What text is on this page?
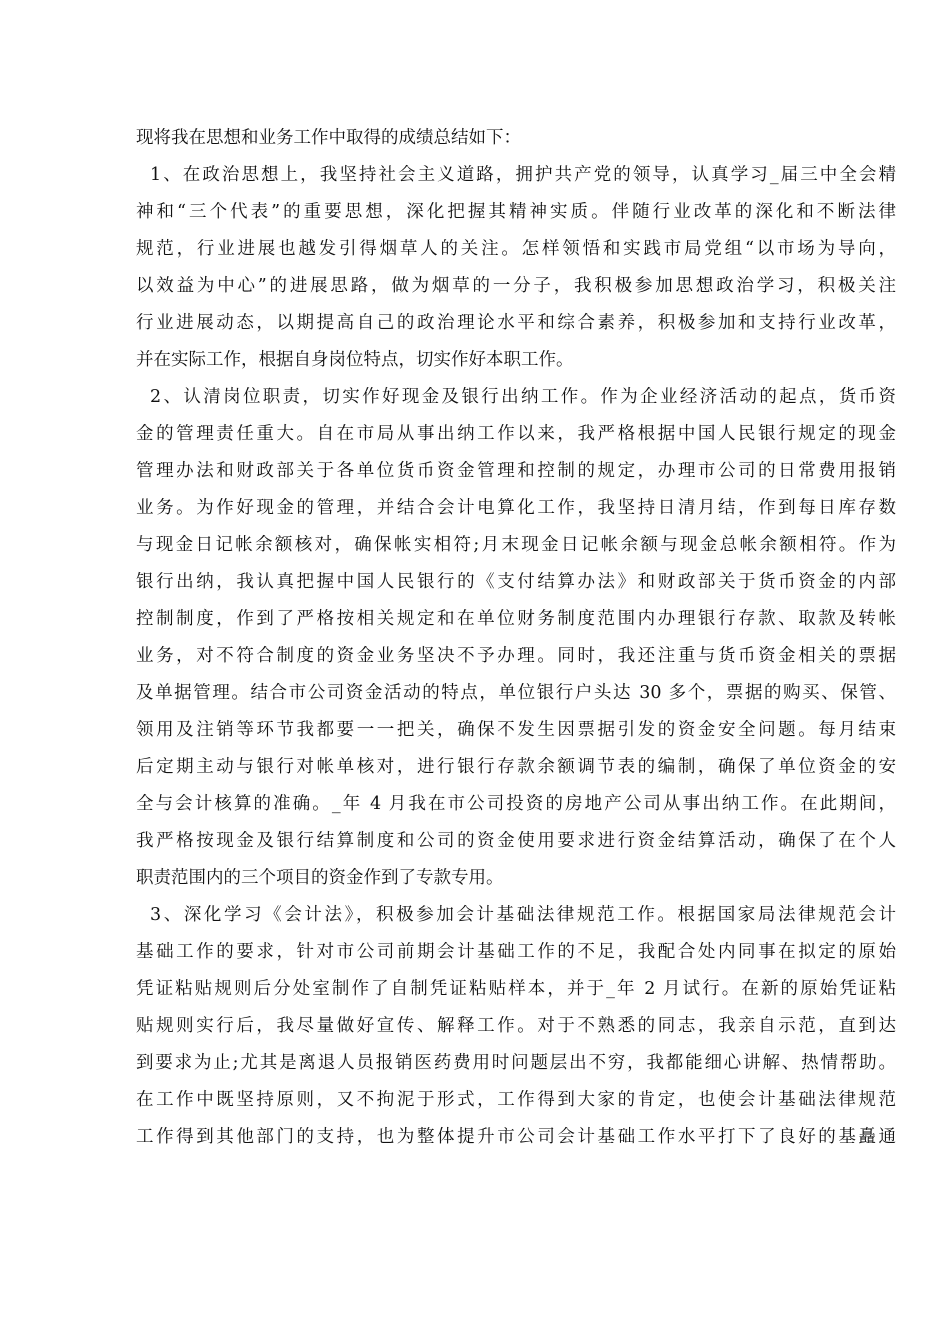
现将我在思想和业务工作中取得的成绩总结如下：
1、在政治思想上，我坚持社会主义道路，拥护共产党的领导，认真学习_届三中全会精
神和“三个代表”的重要思想，深化把握其精神实质。伴随行业改革的深化和不断法律
规范，行业进展也越发引得烟草人的关注。怎样领悟和实践市局党组“以市场为导向，
以效益为中心”的进展思路，做为烟草的一分子，我积极参加思想政治学习，积极关注
行业进展动态，以期提高自己的政治理论水平和综合素养，积极参加和支持行业改革，
并在实际工作，根据自身岗位特点，切实作好本职工作。
2、认清岗位职责，切实作好现金及银行出纳工作。作为企业经济活动的起点，货币资
金的管理责任重大。自在市局从事出纳工作以来，我严格根据中国人民银行规定的现金
管理办法和财政部关于各单位货币资金管理和控制的规定，办理市公司的日常费用报销
业务。为作好现金的管理，并结合会计电算化工作，我坚持日清月结，作到每日库存数
与现金日记帐余额核对，确保帐实相符;月末现金日记帐余额与现金总帐余额相符。作为
银行出纳，我认真把握中国人民银行的《支付结算办法》和财政部关于货币资金的内部
控制制度，作到了严格按相关规定和在单位财务制度范围内办理银行存款、取款及转帐
业务，对不符合制度的资金业务坚决不予办理。同时，我还注重与货币资金相关的票据
及单据管理。结合市公司资金活动的特点，单位银行户头达 30 多个，票据的购买、保管、
领用及注销等环节我都要一一把关，确保不发生因票据引发的资金安全问题。每月结束
后定期主动与银行对帐单核对，进行银行存款余额调节表的编制，确保了单位资金的安
全与会计核算的准确。_年 4 月我在市公司投资的房地产公司从事出纳工作。在此期间，
我严格按现金及银行结算制度和公司的资金使用要求进行资金结算活动，确保了在个人
职责范围内的三个项目的资金作到了专款专用。
3、深化学习《会计法》，积极参加会计基础法律规范工作。根据国家局法律规范会计
基础工作的要求，针对市公司前期会计基础工作的不足，我配合处内同事在拟定的原始
凭证粘贴规则后分处室制作了自制凭证粘贴样本，并于_年 2 月试行。在新的原始凭证粘
贴规则实行后，我尽量做好宣传、解释工作。对于不熟悉的同志，我亲自示范，直到达
到要求为止;尤其是离退人员报销医药费用时问题层出不穷，我都能细心讲解、热情帮助。
在工作中既坚持原则，又不拘泥于形式，工作得到大家的肯定，也使会计基础法律规范
工作得到其他部门的支持，也为整体提升市公司会计基础工作水平打下了良好的基矗通
